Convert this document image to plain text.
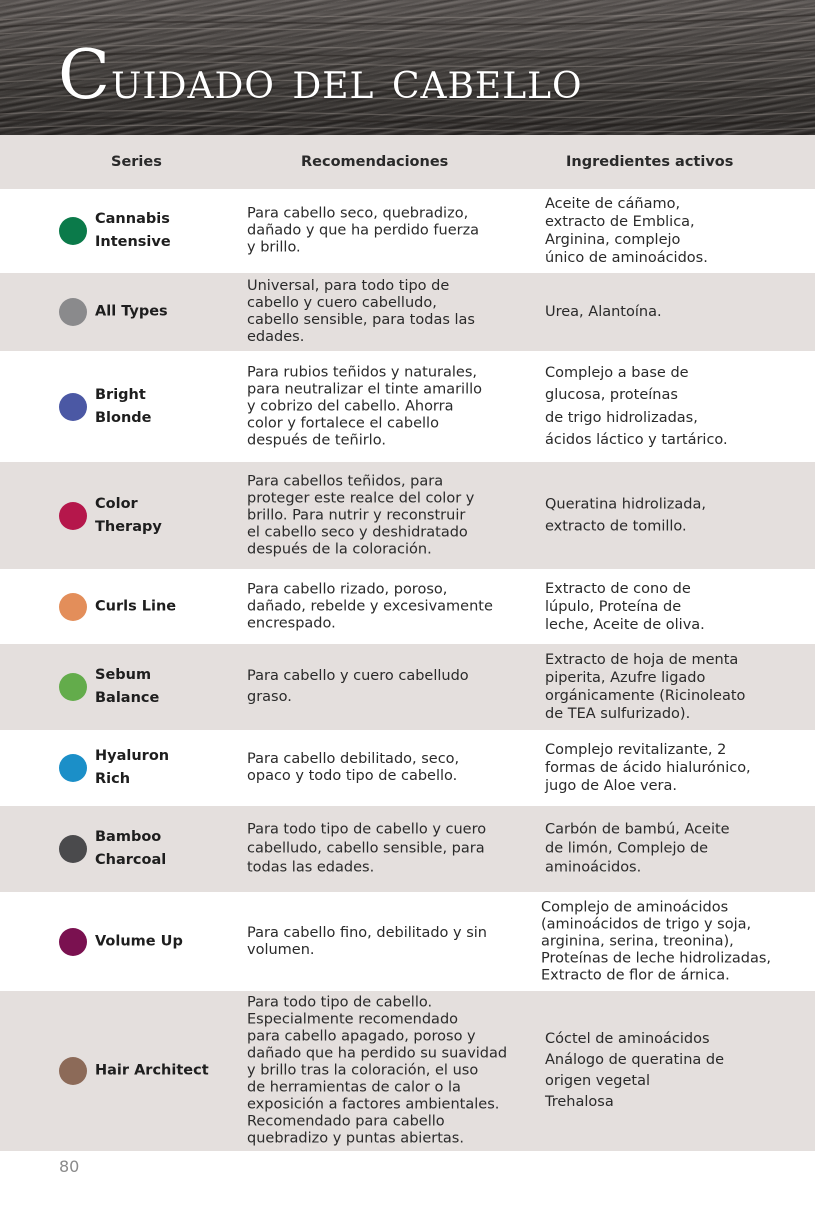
Cuidado del cabello
Series	Recomendaciones	Ingredientes activos
Cannabis
Intensive
Para cabello seco, quebradizo,
dañado y que ha perdido fuerza
y brillo.
Aceite de cáñamo,
extracto de Emblica,
Arginina, complejo
único de aminoácidos.
All Types
Universal, para todo tipo de
cabello y cuero cabelludo,
cabello sensible, para todas las
edades.
Urea, Alantoína.
Bright
Blonde
Para rubios teñidos y naturales,
para neutralizar el tinte amarillo
y cobrizo del cabello. Ahorra
color y fortalece el cabello
después de teñirlo.
Complejo a base de
glucosa, proteínas
de trigo hidrolizadas,
ácidos láctico y tartárico.
Color
Therapy
Para cabellos teñidos, para
proteger este realce del color y
brillo. Para nutrir y reconstruir
el cabello seco y deshidratado
después de la coloración.
Queratina hidrolizada,
extracto de tomillo.
Curls Line
Para cabello rizado, poroso,
dañado, rebelde y excesivamente
encrespado.
Extracto de cono de
lúpulo, Proteína de
leche, Aceite de oliva.
Sebum
Balance
Para cabello y cuero cabelludo
graso.
Extracto de hoja de menta
piperita, Azufre ligado
orgánicamente (Ricinoleato
de TEA sulfurizado).
Hyaluron
Rich
Para cabello debilitado, seco,
opaco y todo tipo de cabello.
Complejo revitalizante, 2
formas de ácido hialurónico,
jugo de Aloe vera.
Bamboo
Charcoal
Para todo tipo de cabello y cuero
cabelludo, cabello sensible, para
todas las edades.
Carbón de bambú, Aceite
de limón, Complejo de
aminoácidos.
Volume Up
Para cabello fino, debilitado y sin
volumen.
Complejo de aminoácidos
(aminoácidos de trigo y soja,
arginina, serina, treonina),
Proteínas de leche hidrolizadas,
Extracto de flor de árnica.
Hair Architect
Para todo tipo de cabello.
Especialmente recomendado
para cabello apagado, poroso y
dañado que ha perdido su suavidad
y brillo tras la coloración, el uso
de herramientas de calor o la
exposición a factores ambientales.
Recomendado para cabello
quebradizo y puntas abiertas.
Cóctel de aminoácidos
Análogo de queratina de
origen vegetal
Trehalosa
80
